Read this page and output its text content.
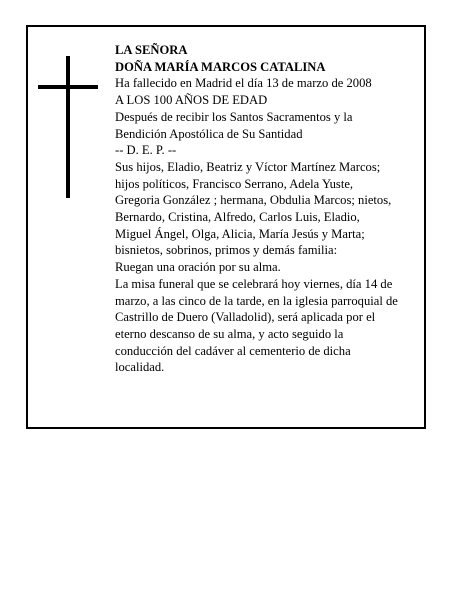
LA SEÑORA
DOÑA MARÍA MARCOS CATALINA
Ha fallecido en Madrid el día 13 de marzo de 2008
A LOS 100 AÑOS DE EDAD
Después de recibir los Santos Sacramentos y la
Bendición Apostólica de Su Santidad
-- D. E. P. --
Sus hijos, Eladio, Beatriz y Víctor Martínez Marcos;
hijos políticos, Francisco Serrano, Adela Yuste,
Gregoria González ; hermana, Obdulia Marcos; nietos,
Bernardo, Cristina, Alfredo, Carlos Luis, Eladio,
Miguel Ángel, Olga, Alicia, María Jesús y Marta;
bisnietos, sobrinos, primos y demás familia:
Ruegan una oración por su alma.
La misa funeral que se celebrará hoy viernes, día 14 de
marzo, a las cinco de la tarde, en la iglesia parroquial de
Castrillo de Duero (Valladolid), será aplicada por el
eterno descanso de su alma, y acto seguido la
conducción del cadáver al cementerio de dicha
localidad.
